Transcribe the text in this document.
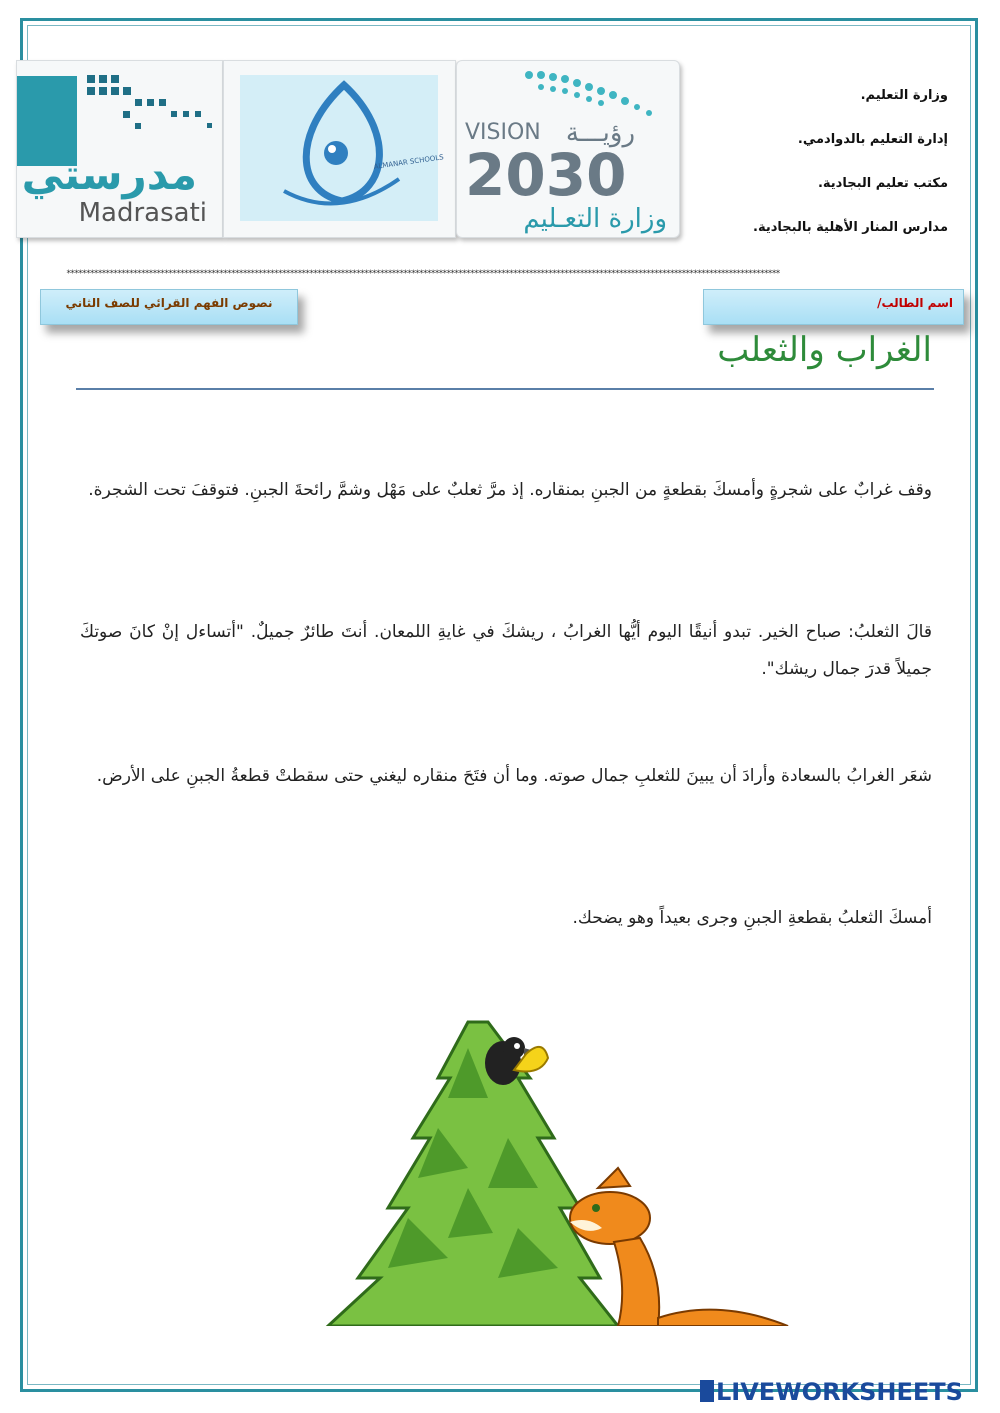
مدرستي
Madrasati
ALMANAR SCHOOLS
VISION رؤيـــة
2030
وزارة التعـليم
وزارة التعليم.
إدارة التعليم بالدوادمي.
مكتب تعليم البجادية.
مدارس المنار الأهلية بالبجادية.
**************************************************************************************************************************************************************************************
نصوص الفهم القرائي للصف الثاني	اسم الطالب/
الغراب والثعلب

وقف غرابٌ على شجرةٍ وأمسكَ بقطعةٍ من الجبنِ بمنقاره. إذ مرَّ ثعلبٌ على مَهْل وشمَّ رائحةَ الجبنِ. فتوقفَ تحت الشجرة.

قالَ الثعلبُ: صباح الخير. تبدو أنيقًا اليوم أيُّها الغرابُ ، ريشكَ في غايةِ اللمعان. أنتَ طائرٌ جميلٌ. "أتساءل إنْ كانَ صوتكَ جميلاً قدرَ جمال ريشك".

شعَر الغرابُ بالسعادة وأرادَ أن يبينَ للثعلبِ جمال صوته. وما أن فتَحَ منقاره ليغني حتى سقطتْ قطعةُ الجبنِ على الأرض.

أمسكَ الثعلبُ بقطعةِ الجبنِ وجرى بعيداً وهو يضحك.

LIVEWORKSHEETS
